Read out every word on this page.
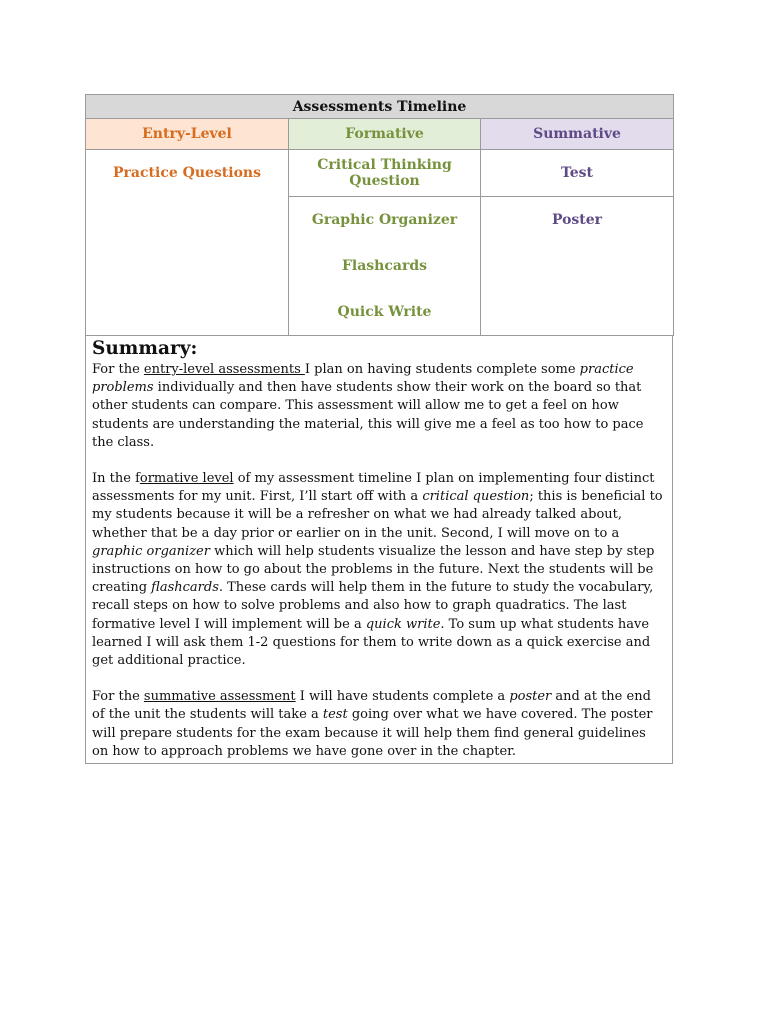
Assessments Timeline		
Entry-Level	Formative	Summative
Practice Questions	Critical Thinking Question	Test
	Graphic Organizer	Poster
	Flashcards	
	Quick Write	
Summary:

For the entry-level assessments I plan on having students complete some practice problems individually and then have students show their work on the board so that other students can compare. This assessment will allow me to get a feel on how students are understanding the material, this will give me a feel as too how to pace the class.

In the formative level of my assessment timeline I plan on implementing four distinct assessments for my unit. First, I’ll start off with a critical question; this is beneficial to my students because it will be a refresher on what we had already talked about, whether that be a day prior or earlier on in the unit. Second, I will move on to a graphic organizer which will help students visualize the lesson and have step by step instructions on how to go about the problems in the future. Next the students will be creating flashcards. These cards will help them in the future to study the vocabulary, recall steps on how to solve problems and also how to graph quadratics. The last formative level I will implement will be a quick write. To sum up what students have learned I will ask them 1-2 questions for them to write down as a quick exercise and get additional practice.

For the summative assessment I will have students complete a poster and at the end of the unit the students will take a test going over what we have covered. The poster will prepare students for the exam because it will help them find general guidelines on how to approach problems we have gone over in the chapter.
